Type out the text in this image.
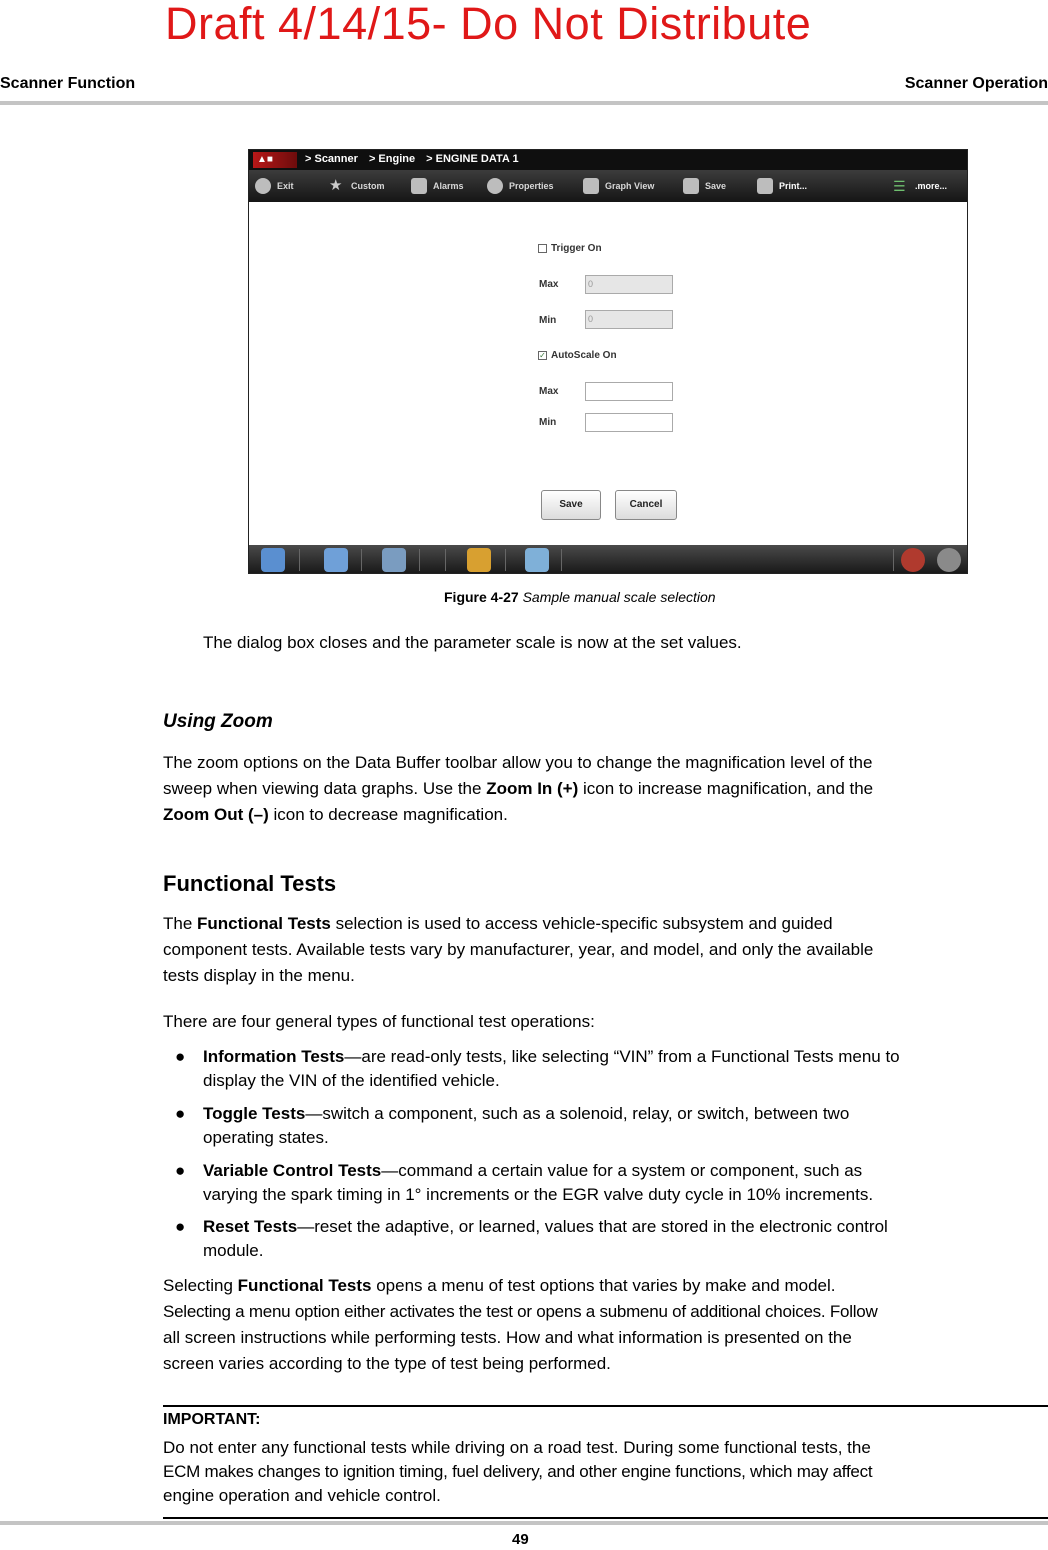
Draft 4/14/15- Do Not Distribute
Scanner Function	Scanner Operation
▲■	> Scanner > Engine > ENGINE DATA 1
Exit ★ Custom	Alarms	Properties	Graph View	Save	Print...	☰	.more...
Trigger On
Max	0
Min	0
✓ AutoScale On
Max
Min
Save	Cancel
Figure 4-27 Sample manual scale selection
The dialog box closes and the parameter scale is now at the set values.
Using Zoom
The zoom options on the Data Buffer toolbar allow you to change the magnification level of the
sweep when viewing data graphs. Use the Zoom In (+) icon to increase magnification, and the
Zoom Out (–) icon to decrease magnification.
Functional Tests
The Functional Tests selection is used to access vehicle-specific subsystem and guided
component tests. Available tests vary by manufacturer, year, and model, and only the available
tests display in the menu.
There are four general types of functional test operations:
● Information Tests—are read-only tests, like selecting “VIN” from a Functional Tests menu to
display the VIN of the identified vehicle.
● Toggle Tests—switch a component, such as a solenoid, relay, or switch, between two
operating states.
● Variable Control Tests—command a certain value for a system or component, such as
varying the spark timing in 1° increments or the EGR valve duty cycle in 10% increments.
● Reset Tests—reset the adaptive, or learned, values that are stored in the electronic control
module.
Selecting Functional Tests opens a menu of test options that varies by make and model.
Selecting a menu option either activates the test or opens a submenu of additional choices. Follow
all screen instructions while performing tests. How and what information is presented on the
screen varies according to the type of test being performed.
IMPORTANT:
Do not enter any functional tests while driving on a road test. During some functional tests, the
ECM makes changes to ignition timing, fuel delivery, and other engine functions, which may affect
engine operation and vehicle control.
49
